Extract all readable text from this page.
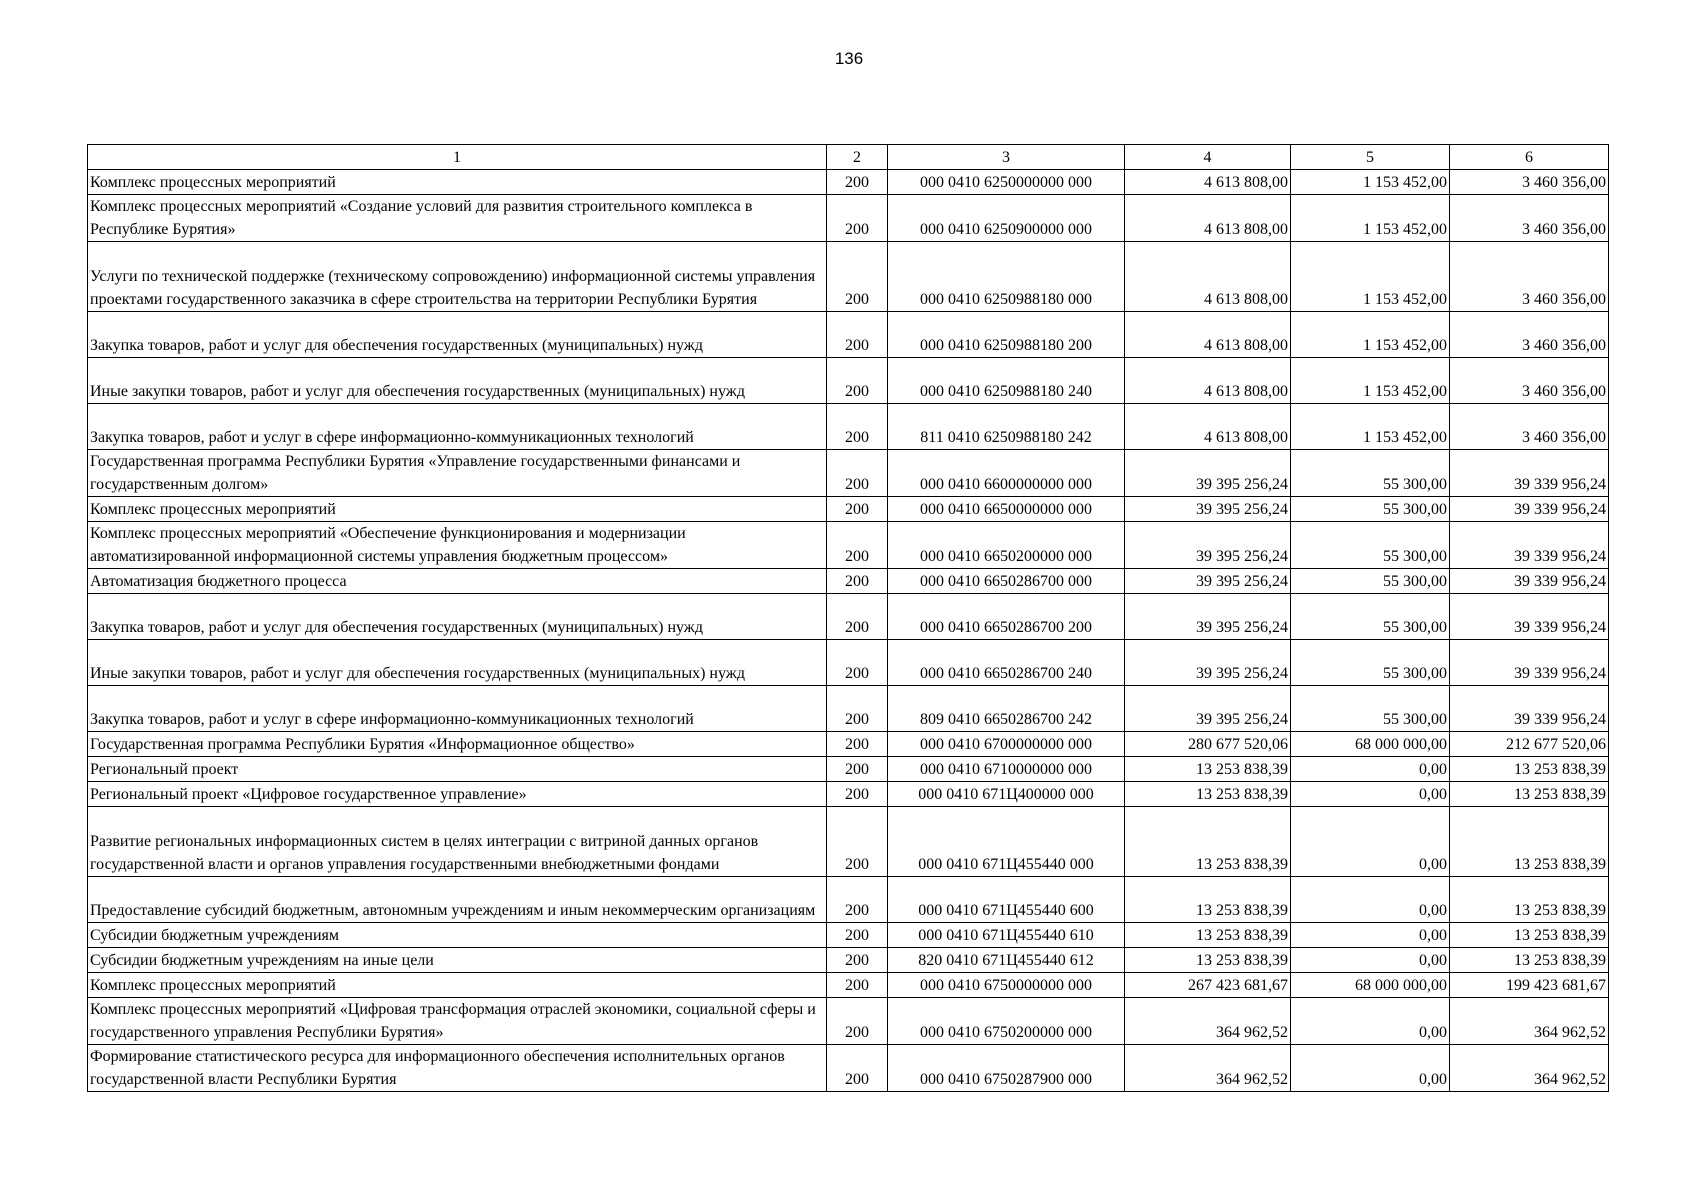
136
1	2	3	4	5	6
Комплекс процессных мероприятий	200	000 0410 6250000000 000	4 613 808,00	1 153 452,00	3 460 356,00
Комплекс процессных мероприятий «Создание условий для развития строительного комплекса в Республике Бурятия»	200	000 0410 6250900000 000	4 613 808,00	1 153 452,00	3 460 356,00
Услуги по технической поддержке (техническому сопровождению) информационной системы управления проектами государственного заказчика в сфере строительства на территории Республики Бурятия	200	000 0410 6250988180 000	4 613 808,00	1 153 452,00	3 460 356,00
Закупка товаров, работ и услуг для обеспечения государственных (муниципальных) нужд	200	000 0410 6250988180 200	4 613 808,00	1 153 452,00	3 460 356,00
Иные закупки товаров, работ и услуг для обеспечения государственных (муниципальных) нужд	200	000 0410 6250988180 240	4 613 808,00	1 153 452,00	3 460 356,00
Закупка товаров, работ и услуг в сфере информационно-коммуникационных технологий	200	811 0410 6250988180 242	4 613 808,00	1 153 452,00	3 460 356,00
Государственная программа Республики Бурятия «Управление государственными финансами и государственным долгом»	200	000 0410 6600000000 000	39 395 256,24	55 300,00	39 339 956,24
Комплекс процессных мероприятий	200	000 0410 6650000000 000	39 395 256,24	55 300,00	39 339 956,24
Комплекс процессных мероприятий «Обеспечение функционирования и модернизации автоматизированной информационной системы управления бюджетным процессом»	200	000 0410 6650200000 000	39 395 256,24	55 300,00	39 339 956,24
Автоматизация бюджетного процесса	200	000 0410 6650286700 000	39 395 256,24	55 300,00	39 339 956,24
Закупка товаров, работ и услуг для обеспечения государственных (муниципальных) нужд	200	000 0410 6650286700 200	39 395 256,24	55 300,00	39 339 956,24
Иные закупки товаров, работ и услуг для обеспечения государственных (муниципальных) нужд	200	000 0410 6650286700 240	39 395 256,24	55 300,00	39 339 956,24
Закупка товаров, работ и услуг в сфере информационно-коммуникационных технологий	200	809 0410 6650286700 242	39 395 256,24	55 300,00	39 339 956,24
Государственная программа Республики Бурятия «Информационное общество»	200	000 0410 6700000000 000	280 677 520,06	68 000 000,00	212 677 520,06
Региональный проект	200	000 0410 6710000000 000	13 253 838,39	0,00	13 253 838,39
Региональный проект «Цифровое государственное управление»	200	000 0410 671Ц400000 000	13 253 838,39	0,00	13 253 838,39
Развитие региональных информационных систем в целях интеграции с витриной данных органов государственной власти и органов управления государственными внебюджетными фондами	200	000 0410 671Ц455440 000	13 253 838,39	0,00	13 253 838,39
Предоставление субсидий бюджетным, автономным учреждениям и иным некоммерческим организациям	200	000 0410 671Ц455440 600	13 253 838,39	0,00	13 253 838,39
Субсидии бюджетным учреждениям	200	000 0410 671Ц455440 610	13 253 838,39	0,00	13 253 838,39
Субсидии бюджетным учреждениям на иные цели	200	820 0410 671Ц455440 612	13 253 838,39	0,00	13 253 838,39
Комплекс процессных мероприятий	200	000 0410 6750000000 000	267 423 681,67	68 000 000,00	199 423 681,67
Комплекс процессных мероприятий «Цифровая трансформация отраслей экономики, социальной сферы и государственного управления Республики Бурятия»	200	000 0410 6750200000 000	364 962,52	0,00	364 962,52
Формирование статистического ресурса для информационного обеспечения исполнительных органов государственной власти Республики Бурятия	200	000 0410 6750287900 000	364 962,52	0,00	364 962,52
